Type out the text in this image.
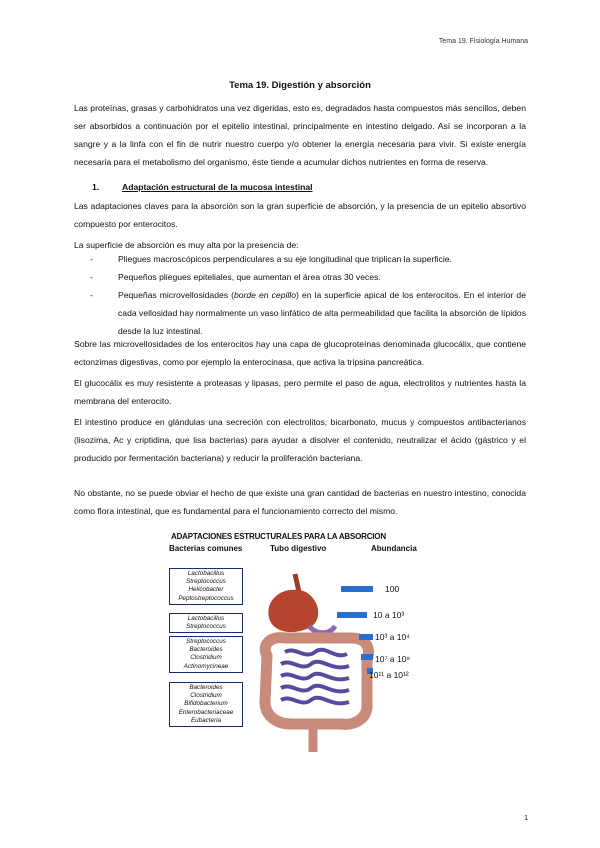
Tema 19. Fisiología Humana
Tema 19. Digestión y absorción

Las proteínas, grasas y carbohidratos una vez digeridas, esto es, degradados hasta compuestos más sencillos, deben ser absorbidos a continuación por el epitelio intestinal, principalmente en intestino delgado. Así se incorporan a la sangre y a la linfa con el fin de nutrir nuestro cuerpo y/o obtener la energía necesaria para vivir. Si existe energía necesaria para el metabolismo del organismo, éste tiende a acumular dichos nutrientes en forma de reserva.

1.	Adaptación estructural de la mucosa intestinal

Las adaptaciones claves para la absorción son la gran superficie de absorción, y la presencia de un epitelio absortivo compuesto por enterocitos.

La superficie de absorción es muy alta por la presencia de:

-	Pliegues macroscópicos perpendiculares a su eje longitudinal que triplican la superficie.
-	Pequeños pliegues epiteliales, que aumentan el área otras 30 veces.
-	Pequeñas microvellosidades (borde en cepillo) en la superficie apical de los enterocitos. En el interior de cada vellosidad hay normalmente un vaso linfático de alta permeabilidad que facilita la absorción de lípidos desde la luz intestinal.

Sobre las microvellosidades de los enterocitos hay una capa de glucoproteínas denominada glucocálix, que contiene ectonzimas digestivas, como por ejemplo la enterocinasa, que activa la tripsina pancreática.

El glucocálix es muy resistente a proteasas y lipasas, pero permite el paso de agua, electrolitos y nutrientes hasta la membrana del enterocito.

El intestino produce en glándulas una secreción con electrolitos, bicarbonato, mucus y compuestos antibacterianos (lisozima, Ac y criptidina, que lisa bacterias) para ayudar a disolver el contenido, neutralizar el ácido (gástrico y el producido por fermentación bacteriana) y reducir la proliferación bacteriana.

No obstante, no se puede obviar el hecho de que existe una gran cantidad de bacterias en nuestro intestino, conocida como flora intestinal, que es fundamental para el funcionamiento correcto del mismo.

ADAPTACIONES ESTRUCTURALES PARA LA ABSORCION
Bacterias comunes	Tubo digestivo	Abundancia
Lactobacillus
Streptococcus
Helicobacter
Peptostreptococcus
Lactobacillus
Streptococcus
Streptococcus
Bacteroides
Clostridium
Actinomycineae
Bacteroides
Clostridium
Bifidobacterium
Enterobacteriaceae
Eubacteria
100
10 a 10³
10³ a 10⁴
10⁷ a 10⁹
10¹¹ a 10¹²
1
